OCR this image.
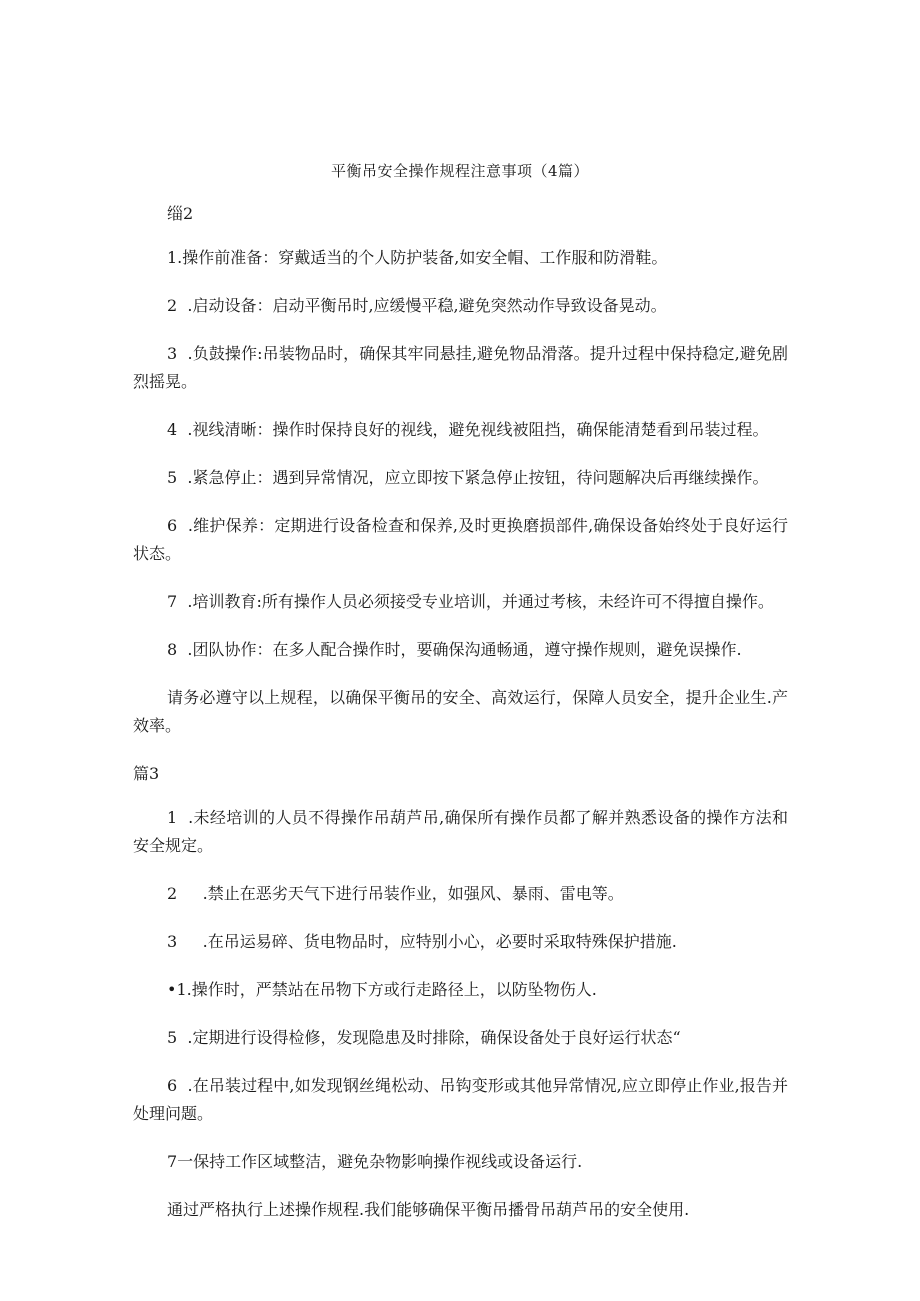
平衡吊安全操作规程注意事项（4篇）

缁2

1.操作前准备：穿戴适当的个人防护装备,如安全帽、工作服和防滑鞋。

2  .启动设备：启动平衡吊时,应缓慢平稳,避免突然动作导致设备晃动。

3  .负鼓操作:吊装物品时，确保其牢同悬挂,避免物品滑落。提升过程中保持稳定,避免剧烈摇晃。

4  .视线清晰：操作时保持良好的视线，避免视线被阻挡，确保能清楚看到吊装过程。

5  .紧急停止：遇到异常情况，应立即按下紧急停止按钮，待问题解决后再继续操作。

6  .维护保养：定期进行设备检查和保养,及时更换磨损部件,确保设备始终处于良好运行状态。

7  .培训教育:所有操作人员必须接受专业培训，并通过考核，未经许可不得擅自操作。

8  .团队协作：在多人配合操作时，要确保沟通畅通，遵守操作规则，避免误操作.

请务必遵守以上规程，以确保平衡吊的安全、高效运行，保障人员安全，提升企业生.产效率。

篇3

1  .未经培训的人员不得操作吊葫芦吊,确保所有操作员都了解并熟悉设备的操作方法和安全规定。

2     .禁止在恶劣天气下进行吊装作业，如强风、暴雨、雷电等。

3     .在吊运易碎、货电物品时，应特别小心，必要时采取特殊保护措施.

•1.操作时，严禁站在吊物下方或行走路径上，以防坠物伤人.

5  .定期进行设得检修，发现隐患及时排除，确保设备处于良好运行状态“

6  .在吊装过程中,如发现钢丝绳松动、吊钩变形或其他异常情况,应立即停止作业,报告并处理问题。

7一保持工作区域整洁，避免杂物影响操作视线或设备运行.

通过严格执行上述操作规程.我们能够确保平衡吊播骨吊葫芦吊的安全使用.
